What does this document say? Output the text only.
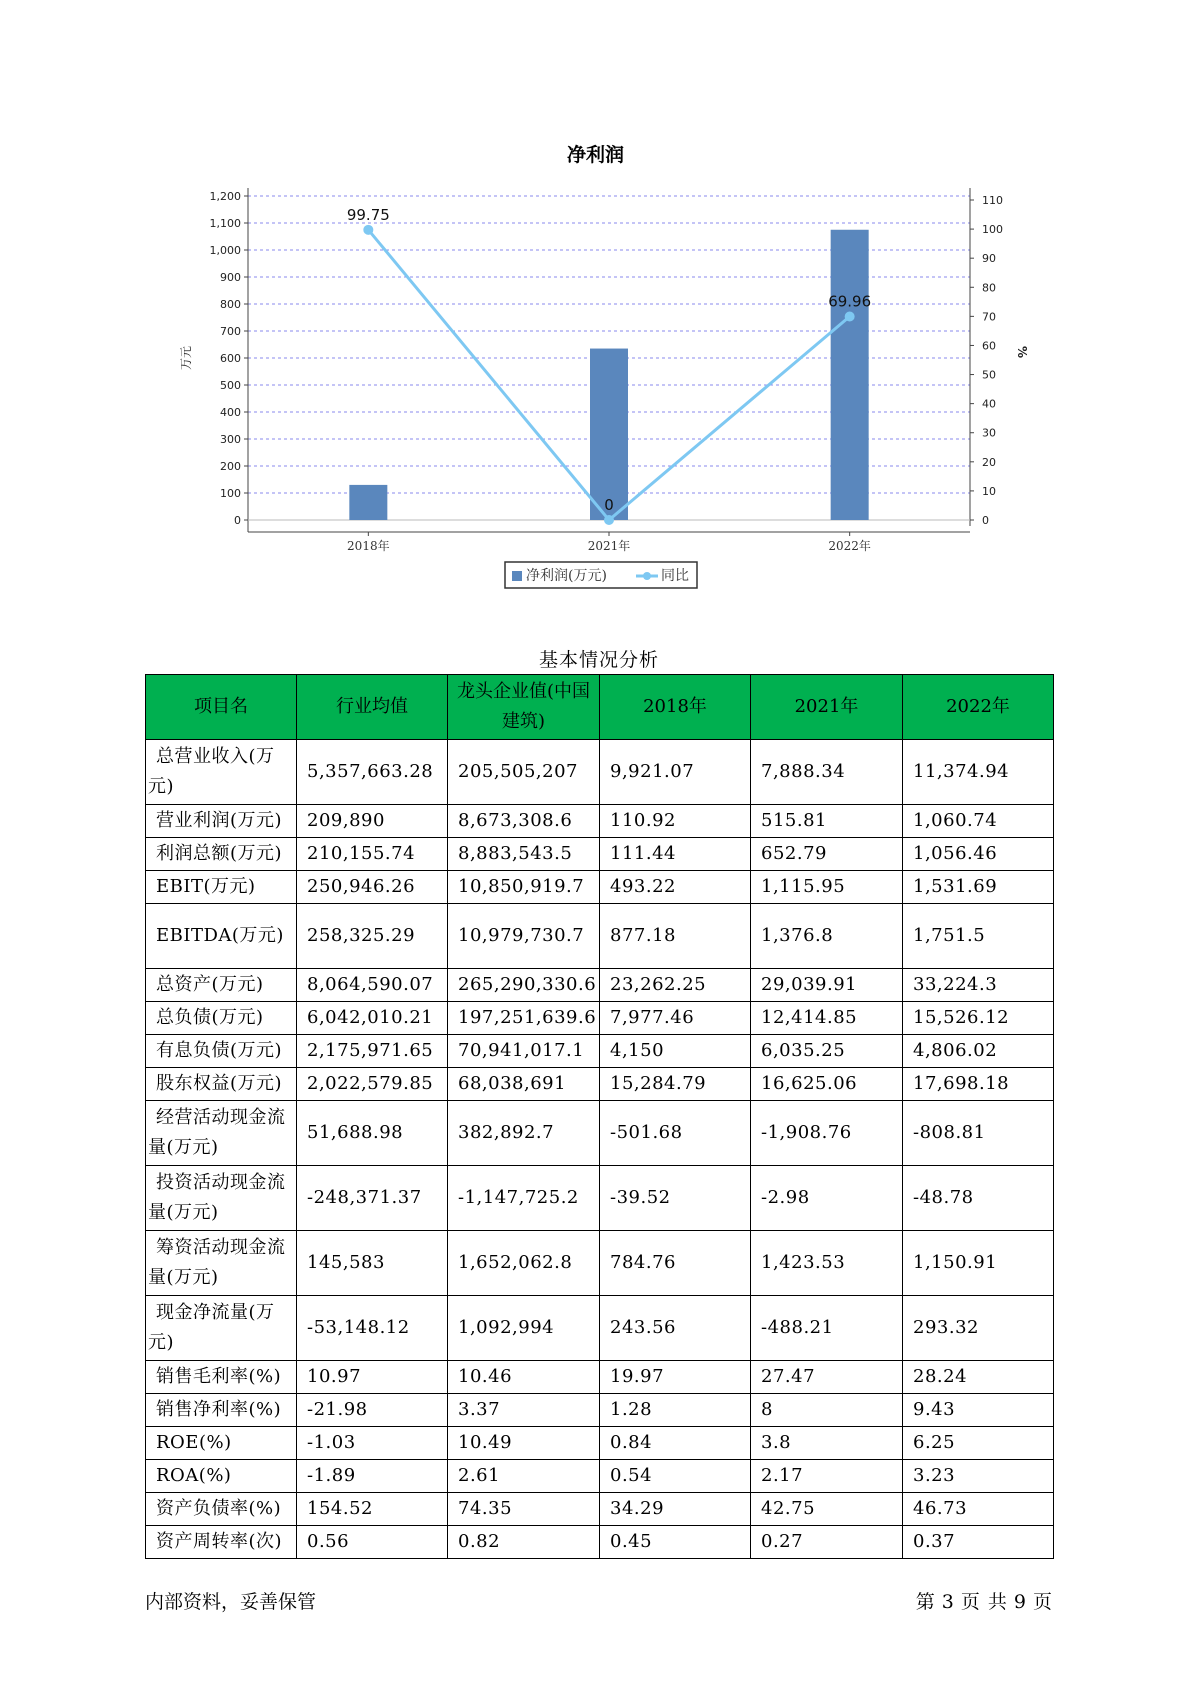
净利润
0
100
200
300
400
500
600
700
800
900
1,000
1,100
1,200
0
10
20
30
40
50
60
70
80
90
100
110
万元	%
2018年	2021年	2022年
99.75
0
69.96
净利润(万元)	同比
基本情况分析
项目名	行业均值	龙头企业值(中国建筑)	2018年	2021年	2022年
总营业收入(万元)	5,357,663.28	205,505,207	9,921.07	7,888.34	11,374.94
营业利润(万元)	209,890	8,673,308.6	110.92	515.81	1,060.74
利润总额(万元)	210,155.74	8,883,543.5	111.44	652.79	1,056.46
EBIT(万元)	250,946.26	10,850,919.7	493.22	1,115.95	1,531.69
EBITDA(万元)	258,325.29	10,979,730.7	877.18	1,376.8	1,751.5
总资产(万元)	8,064,590.07	265,290,330.6	23,262.25	29,039.91	33,224.3
总负债(万元)	6,042,010.21	197,251,639.6	7,977.46	12,414.85	15,526.12
有息负债(万元)	2,175,971.65	70,941,017.1	4,150	6,035.25	4,806.02
股东权益(万元)	2,022,579.85	68,038,691	15,284.79	16,625.06	17,698.18
经营活动现金流量(万元)	51,688.98	382,892.7	-501.68	-1,908.76	-808.81
投资活动现金流量(万元)	-248,371.37	-1,147,725.2	-39.52	-2.98	-48.78
筹资活动现金流量(万元)	145,583	1,652,062.8	784.76	1,423.53	1,150.91
现金净流量(万元)	-53,148.12	1,092,994	243.56	-488.21	293.32
销售毛利率(%)	10.97	10.46	19.97	27.47	28.24
销售净利率(%)	-21.98	3.37	1.28	8	9.43
ROE(%)	-1.03	10.49	0.84	3.8	6.25
ROA(%)	-1.89	2.61	0.54	2.17	3.23
资产负债率(%)	154.52	74.35	34.29	42.75	46.73
资产周转率(次)	0.56	0.82	0.45	0.27	0.37
内部资料，妥善保管	第 3 页 共 9 页
